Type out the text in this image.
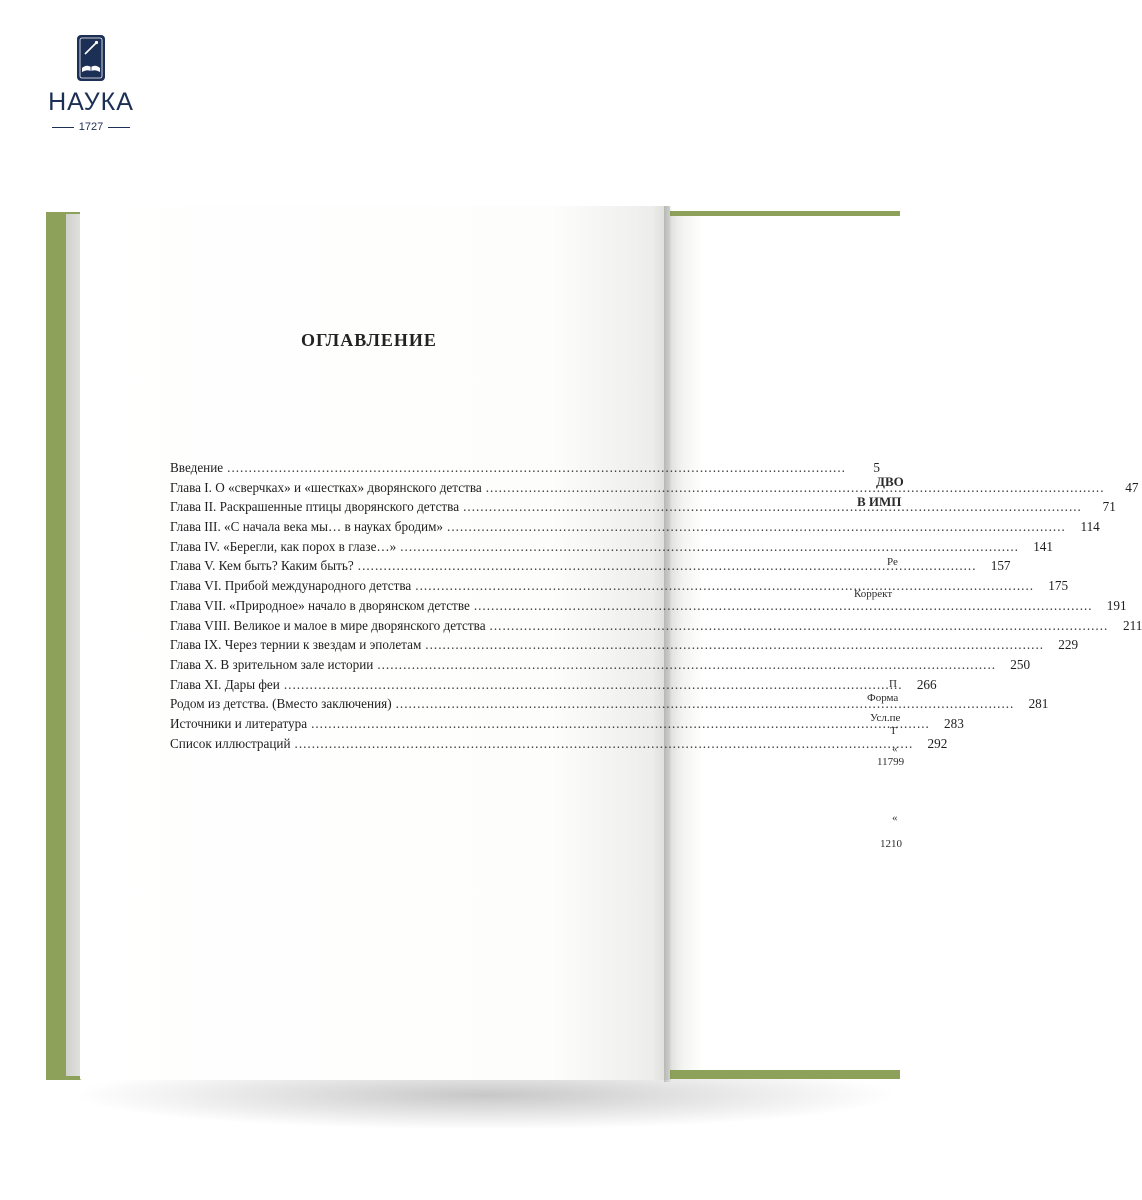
НАУКА
1727
ДВО
В ИМП
Ре
Коррект
П
Форма
Усл.пе
Т
«
11799
«
1210
ОГЛАВЛЕНИЕ
Введение .....	5
Глава I. О «сверчках» и «шестках» дворянского детства .....	47
Глава II. Раскрашенные птицы дворянского детства .....	71
Глава III. «С начала века мы… в науках бродим» .....	114
Глава IV. «Берегли, как порох в глазе…» .....	141
Глава V. Кем быть? Каким быть? .....	157
Глава VI. Прибой международного детства .....	175
Глава VII. «Природное» начало в дворянском детстве .....	191
Глава VIII. Великое и малое в мире дворянского детства .....	211
Глава IX. Через тернии к звездам и эполетам .....	229
Глава X. В зрительном зале истории .....	250
Глава XI. Дары феи .....	266
Родом из детства. (Вместо заключения) .....	281
Источники и литература .....	283
Список иллюстраций .....	292
